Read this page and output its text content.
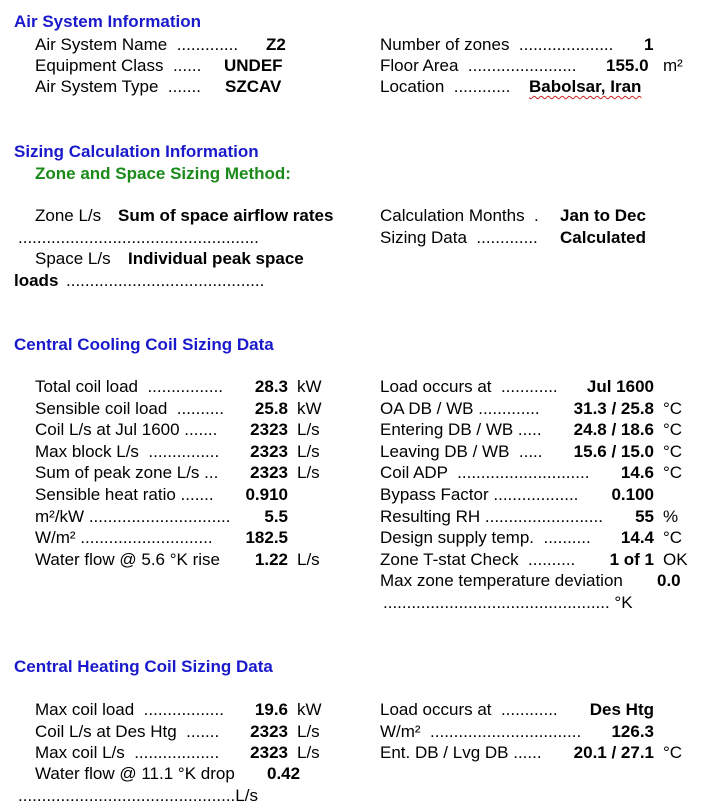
Air System Information
Air System Name  ............. Z2
Equipment Class  ...... UNDEF
Air System Type  ....... SZCAV
Number of zones  .................... 1
Floor Area  ....................... 155.0 m²
Location  ............ Babolsar, Iran
Sizing Calculation Information
Zone and Space Sizing Method:
Zone L/s Sum of space airflow rates
...................................................
Space L/s Individual peak space
loads ..........................................
Calculation Months  . Jan to Dec
Sizing Data  ............. Calculated
Central Cooling Coil Sizing Data
Total coil load  ................ 28.3 kW
Sensible coil load  .......... 25.8 kW
Coil L/s at Jul 1600 ....... 2323 L/s
Max block L/s  ............... 2323 L/s
Sum of peak zone L/s ... 2323 L/s
Sensible heat ratio ....... 0.910
m²/kW .............................. 5.5
W/m² ............................ 182.5
Water flow @ 5.6 °K rise 1.22 L/s
Load occurs at  ............ Jul 1600
OA DB / WB ............. 31.3 / 25.8 °C
Entering DB / WB ..... 24.8 / 18.6 °C
Leaving DB / WB  ..... 15.6 / 15.0 °C
Coil ADP  ............................ 14.6 °C
Bypass Factor .................. 0.100
Resulting RH ......................... 55 %
Design supply temp.  .......... 14.4 °C
Zone T-stat Check  .......... 1 of 1 OK
Max zone temperature deviation 0.0
................................................ °K
Central Heating Coil Sizing Data
Max coil load  ................. 19.6 kW
Coil L/s at Des Htg  ....... 2323 L/s
Max coil L/s  .................. 2323 L/s
Load occurs at  ............ Des Htg
W/m²  ................................ 126.3
Ent. DB / Lvg DB ...... 20.1 / 27.1 °C
Water flow @ 11.1 °K drop 0.42
..............................................L/s
